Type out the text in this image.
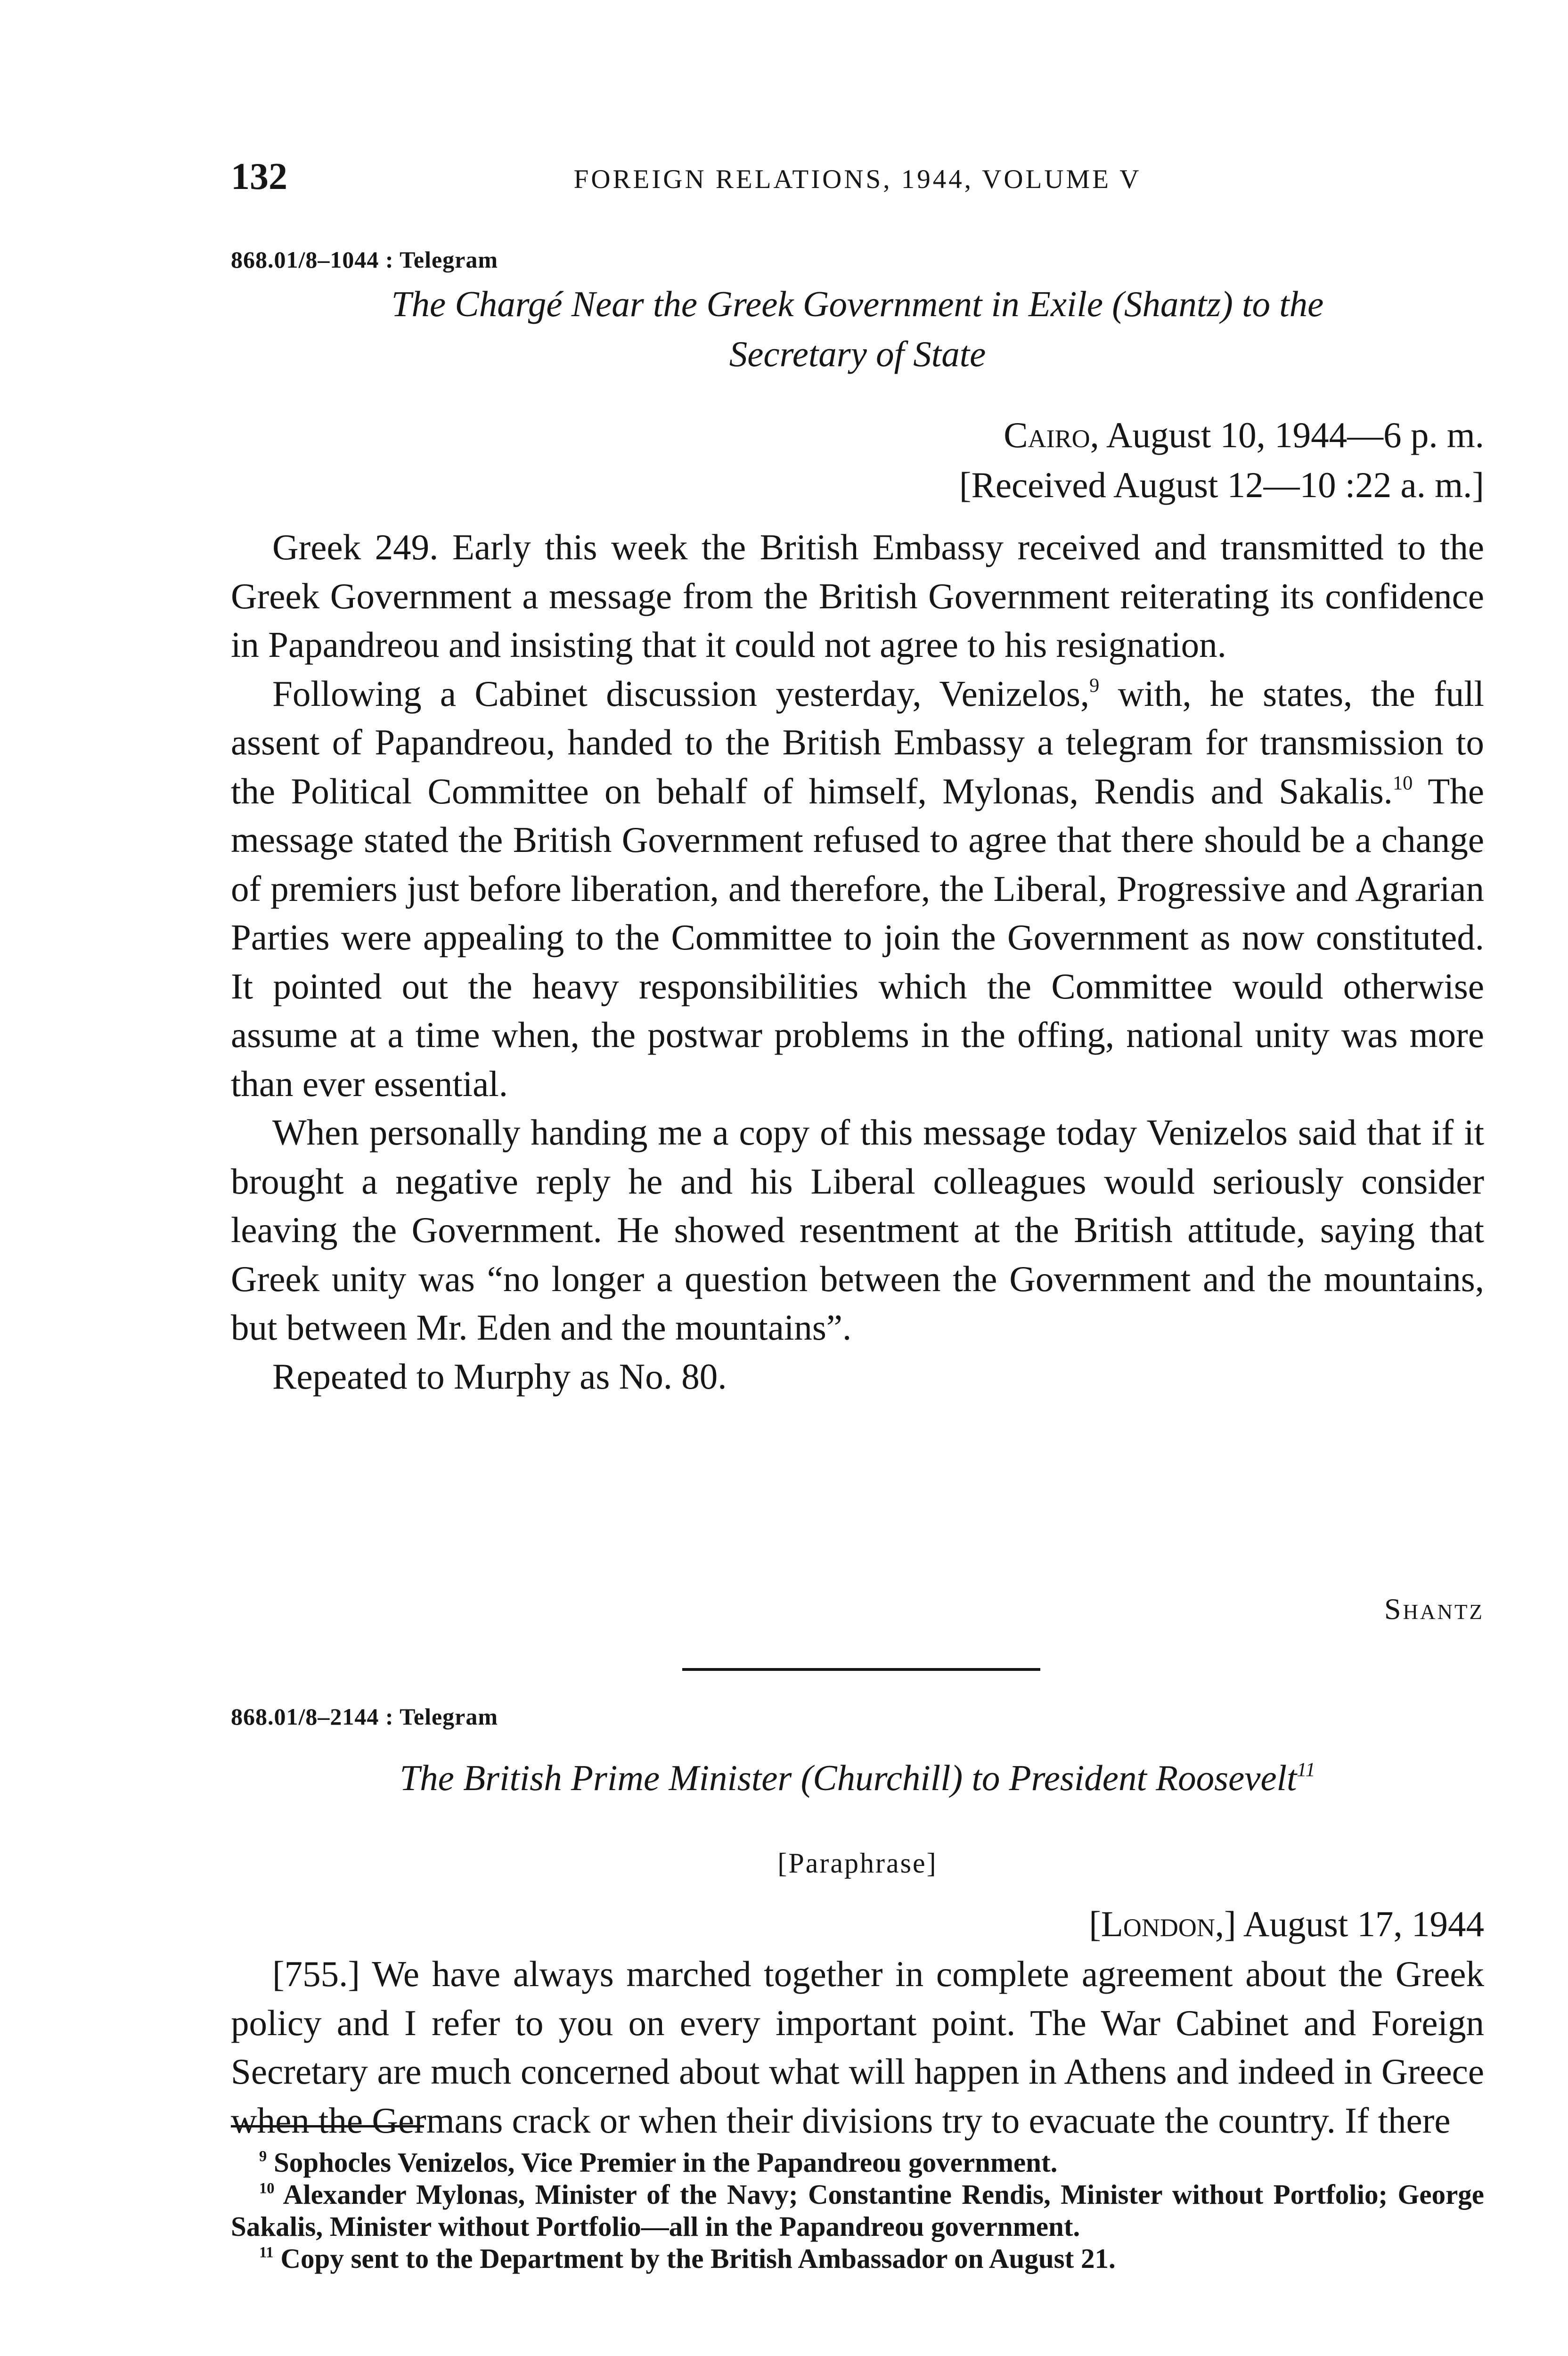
132	FOREIGN RELATIONS, 1944, VOLUME V
868.01/8–1044 : Telegram
The Chargé Near the Greek Government in Exile (Shantz) to the
Secretary of State
Cairo, August 10, 1944—6 p. m.
[Received August 12—10 :22 a. m.]

Greek 249. Early this week the British Embassy received and transmitted to the Greek Government a message from the British Government reiterating its confidence in Papandreou and insisting that it could not agree to his resignation.

Following a Cabinet discussion yesterday, Venizelos,$^9$ with, he states, the full assent of Papandreou, handed to the British Embassy a telegram for transmission to the Political Committee on behalf of himself, Mylonas, Rendis and Sakalis.$^{10}$ The message stated the British Government refused to agree that there should be a change of premiers just before liberation, and therefore, the Liberal, Progressive and Agrarian Parties were appealing to the Committee to join the Government as now constituted. It pointed out the heavy responsibilities which the Committee would otherwise assume at a time when, the postwar problems in the offing, national unity was more than ever essential.

When personally handing me a copy of this message today Venizelos said that if it brought a negative reply he and his Liberal colleagues would seriously consider leaving the Government. He showed resentment at the British attitude, saying that Greek unity was “no longer a question between the Government and the mountains, but between Mr. Eden and the mountains”.

Repeated to Murphy as No. 80.

Shantz
868.01/8–2144 : Telegram
The British Prime Minister (Churchill) to President Roosevelt$^{11}$
[Paraphrase]
[London,] August 17, 1944

[755.] We have always marched together in complete agreement about the Greek policy and I refer to you on every important point. The War Cabinet and Foreign Secretary are much concerned about what will happen in Athens and indeed in Greece when the Germans crack or when their divisions try to evacuate the country. If there

$^9$ Sophocles Venizelos, Vice Premier in the Papandreou government.

$^{10}$ Alexander Mylonas, Minister of the Navy; Constantine Rendis, Minister without Portfolio; George Sakalis, Minister without Portfolio—all in the Papandreou government.

$^{11}$ Copy sent to the Department by the British Ambassador on August 21.
